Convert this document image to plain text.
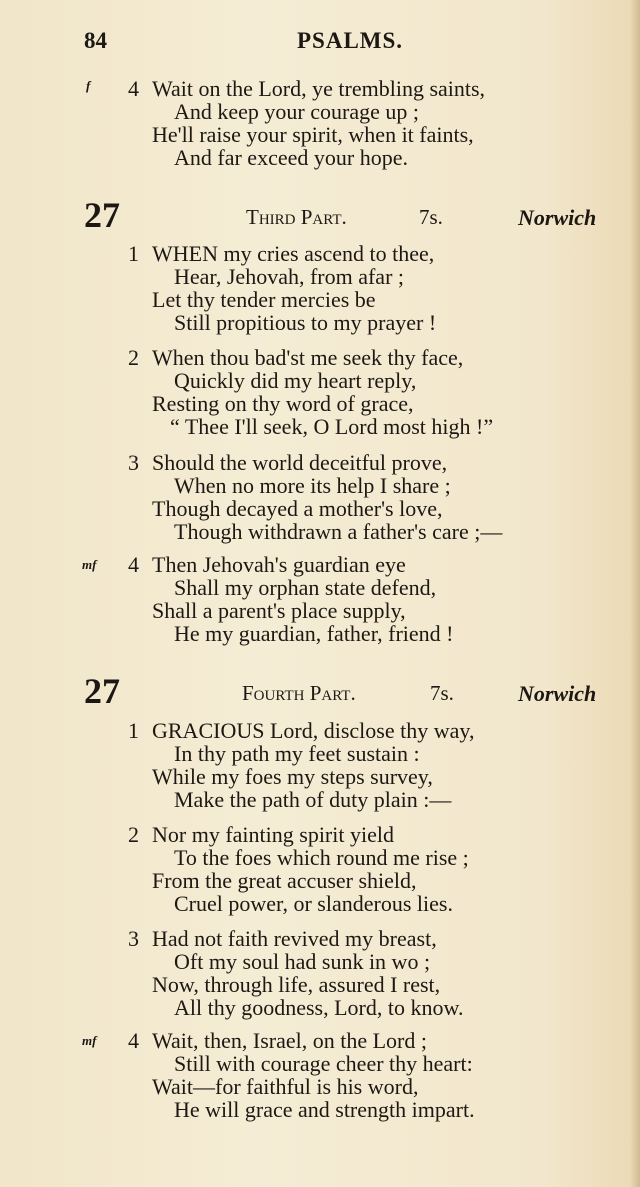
84	PSALMS.
f 4 Wait on the Lord, ye trembling saints,
And keep your courage up ;
He'll raise your spirit, when it faints,
And far exceed your hope.
27	Third Part.	7s.	Norwich
1 WHEN my cries ascend to thee,
Hear, Jehovah, from afar ;
Let thy tender mercies be
Still propitious to my prayer !
2 When thou bad'st me seek thy face,
Quickly did my heart reply,
Resting on thy word of grace,
“ Thee I'll seek, O Lord most high !”
3 Should the world deceitful prove,
When no more its help I share ;
Though decayed a mother's love,
Though withdrawn a father's care ;—
mf 4 Then Jehovah's guardian eye
Shall my orphan state defend,
Shall a parent's place supply,
He my guardian, father, friend !
27	Fourth Part.	7s.	Norwich
1 GRACIOUS Lord, disclose thy way,
In thy path my feet sustain :
While my foes my steps survey,
Make the path of duty plain :—
2 Nor my fainting spirit yield
To the foes which round me rise ;
From the great accuser shield,
Cruel power, or slanderous lies.
3 Had not faith revived my breast,
Oft my soul had sunk in wo ;
Now, through life, assured I rest,
All thy goodness, Lord, to know.
mf 4 Wait, then, Israel, on the Lord ;
Still with courage cheer thy heart:
Wait—for faithful is his word,
He will grace and strength impart.
